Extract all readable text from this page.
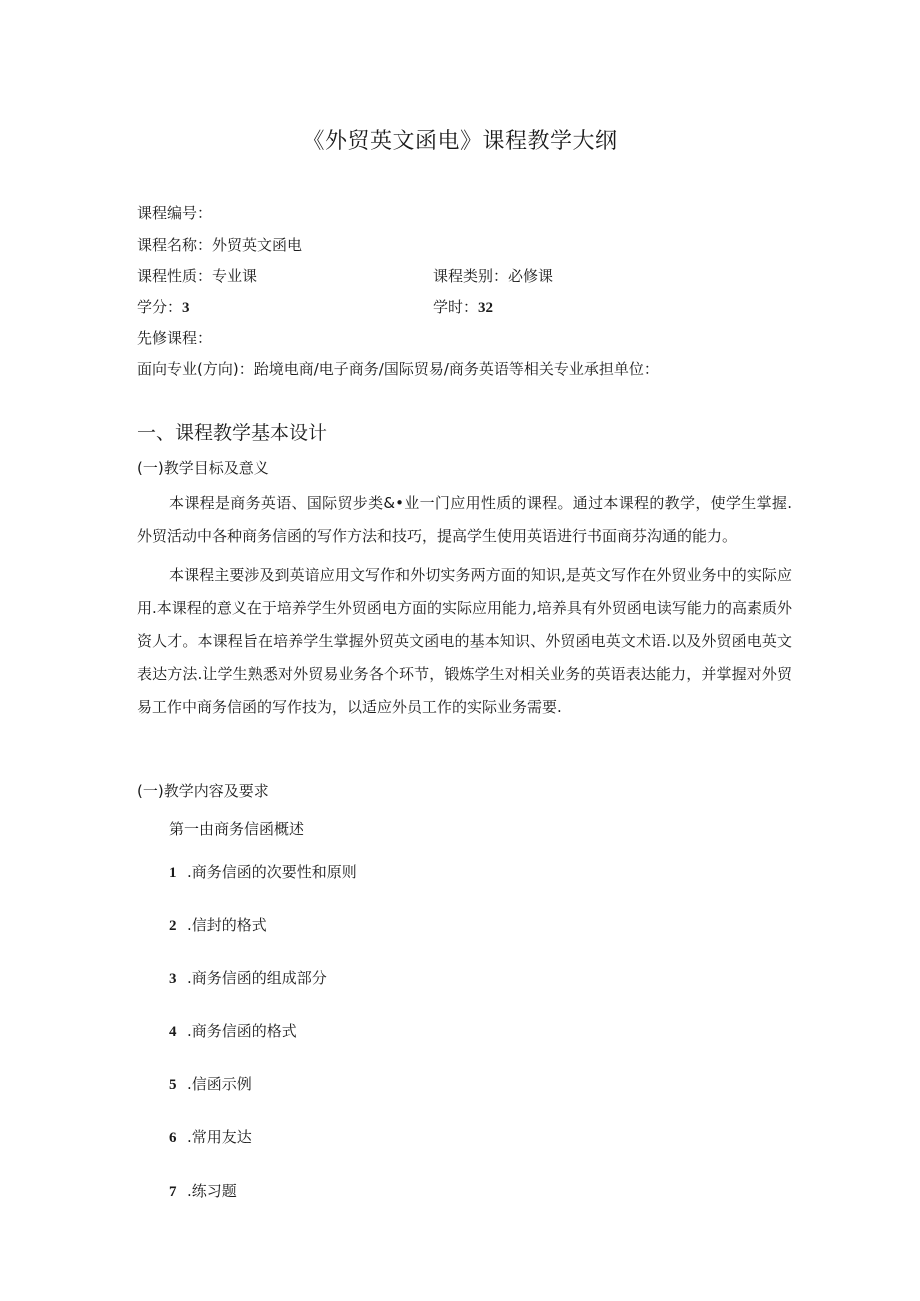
《外贸英文函电》课程教学大纲
课程编号：
课程名称：外贸英文函电
课程性质：专业课	课程类别：必修课
学分：3	学时：32
先修课程：
面向专业(方向)：跆境电商/电子商务/国际贸易/商务英语等相关专业承担单位：
一、课程教学基本设计
(一)教学目标及意义

本课程是商务英语、国际贸步类&•业一门应用性质的课程。通过本课程的教学，使学生掌握.外贸活动中各种商务信函的写作方法和技巧，提高学生使用英语进行书面商芬沟通的能力。

本课程主要涉及到英谙应用文写作和外切实务两方面的知识,是英文写作在外贸业务中的实际应用.本课程的意义在于培养学生外贸函电方面的实际应用能力,培养具有外贸函电读写能力的高素质外资人才。本课程旨在培养学生掌握外贸英文函电的基本知识、外贸函电英文术语.以及外贸函电英文表达方法.让学生熟悉对外贸易业务各个环节，锻炼学生对相关业务的英语表达能力，并掌握对外贸易工作中商务信函的写作技为，以适应外员工作的实际业务需要.

(一)教学内容及要求
第一由商务信函概述
1 .商务信函的次要性和原则
2 .信封的格式
3 .商务信函的组成部分
4 .商务信函的格式
5 .信函示例
6 .常用友达
7 .练习题
